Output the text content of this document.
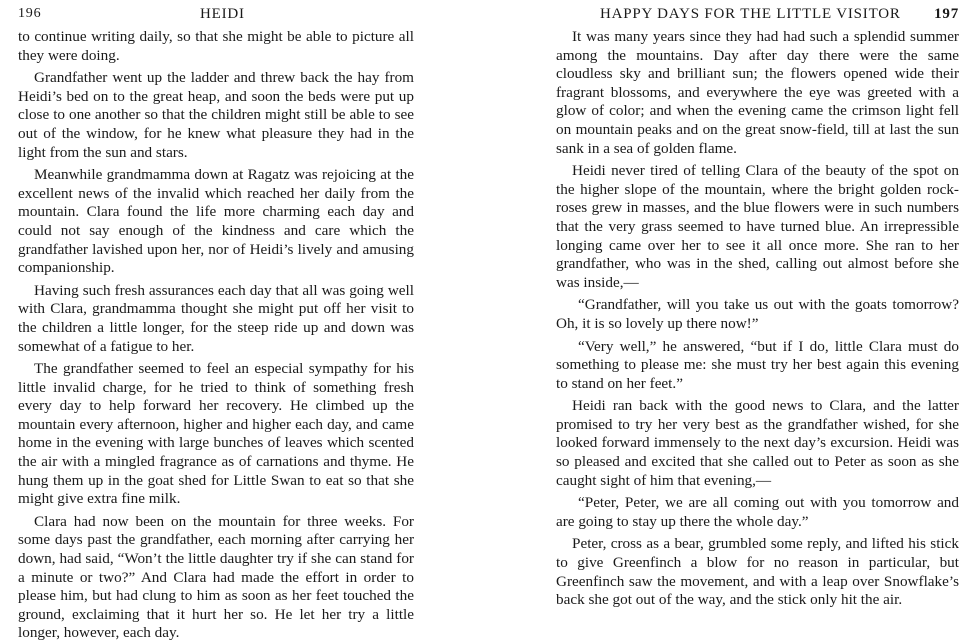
196	HEIDI

to continue writing daily, so that she might be able to picture all they were doing.

Grandfather went up the ladder and threw back the hay from Heidi’s bed on to the great heap, and soon the beds were put up close to one another so that the children might still be able to see out of the window, for he knew what pleasure they had in the light from the sun and stars.

Meanwhile grandmamma down at Ragatz was rejoicing at the excellent news of the invalid which reached her daily from the mountain. Clara found the life more charming each day and could not say enough of the kindness and care which the grandfather lavished upon her, nor of Heidi’s lively and amusing companionship.

Having such fresh assurances each day that all was going well with Clara, grandmamma thought she might put off her visit to the children a little longer, for the steep ride up and down was somewhat of a fatigue to her.

The grandfather seemed to feel an especial sympathy for his little invalid charge, for he tried to think of something fresh every day to help forward her recovery. He climbed up the mountain every afternoon, higher and higher each day, and came home in the evening with large bunches of leaves which scented the air with a mingled fragrance as of carnations and thyme. He hung them up in the goat shed for Little Swan to eat so that she might give extra fine milk.

Clara had now been on the mountain for three weeks. For some days past the grandfather, each morning after carrying her down, had said, “Won’t the little daughter try if she can stand for a minute or two?” And Clara had made the effort in order to please him, but had clung to him as soon as her feet touched the ground, exclaiming that it hurt her so. He let her try a little longer, however, each day.

HAPPY DAYS FOR THE LITTLE VISITOR 197

It was many years since they had had such a splendid summer among the mountains. Day after day there were the same cloudless sky and brilliant sun; the flowers opened wide their fragrant blossoms, and everywhere the eye was greeted with a glow of color; and when the evening came the crimson light fell on mountain peaks and on the great snow-field, till at last the sun sank in a sea of golden flame.

Heidi never tired of telling Clara of the beauty of the spot on the higher slope of the mountain, where the bright golden rock-roses grew in masses, and the blue flowers were in such numbers that the very grass seemed to have turned blue. An irrepressible longing came over her to see it all once more. She ran to her grandfather, who was in the shed, calling out almost before she was inside,—

“Grandfather, will you take us out with the goats tomorrow? Oh, it is so lovely up there now!”

“Very well,” he answered, “but if I do, little Clara must do something to please me: she must try her best again this evening to stand on her feet.”

Heidi ran back with the good news to Clara, and the latter promised to try her very best as the grandfather wished, for she looked forward immensely to the next day’s excursion. Heidi was so pleased and excited that she called out to Peter as soon as she caught sight of him that evening,—

“Peter, Peter, we are all coming out with you tomorrow and are going to stay up there the whole day.”

Peter, cross as a bear, grumbled some reply, and lifted his stick to give Greenfinch a blow for no reason in particular, but Greenfinch saw the movement, and with a leap over Snowflake’s back she got out of the way, and the stick only hit the air.
